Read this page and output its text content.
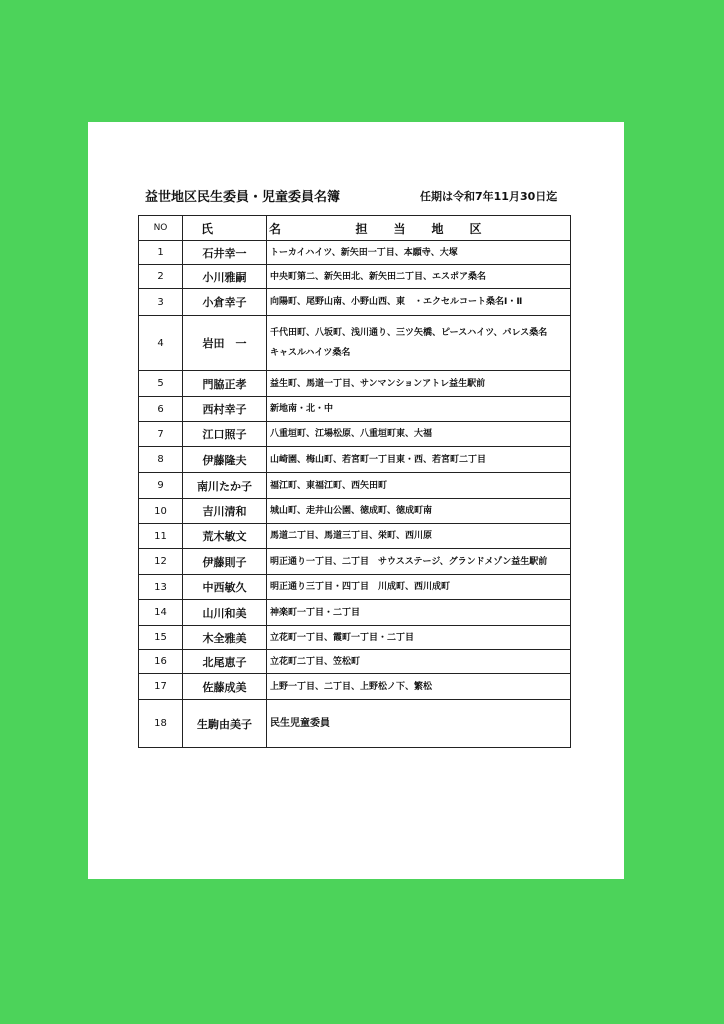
益世地区民生委員・児童委員名簿	任期は令和7年11月30日迄
NO	氏　名	担当地区
1	石井幸一	トーカイハイツ、新矢田一丁目、本願寺、大塚

2	小川雅嗣	中央町第二、新矢田北、新矢田二丁目、エスポア桑名

3	小倉幸子	向陽町、尾野山南、小野山西、東　・エクセルコート桑名Ⅰ・Ⅱ

4	岩田　一	千代田町、八坂町、浅川通り、三ツ矢橋、ピースハイツ、パレス桑名
キャスルハイツ桑名

5	門脇正孝	益生町、馬道一丁目、サンマンションアトレ益生駅前

6	西村幸子	新地南・北・中

7	江口照子	八重垣町、江場松原、八重垣町東、大福

8	伊藤隆夫	山崎園、梅山町、若宮町一丁目東・西、若宮町二丁目

9	南川たか子	福江町、東福江町、西矢田町

10	吉川清和	城山町、走井山公園、徳成町、徳成町南

11	荒木敏文	馬道二丁目、馬道三丁目、栄町、西川原

12	伊藤則子	明正通り一丁目、二丁目　サウスステージ、グランドメゾン益生駅前

13	中西敏久	明正通り三丁目・四丁目　川成町、西川成町

14	山川和美	神楽町一丁目・二丁目

15	木全雅美	立花町一丁目、霞町一丁目・二丁目

16	北尾恵子	立花町二丁目、笠松町

17	佐藤成美	上野一丁目、二丁目、上野松ノ下、繁松

18	生駒由美子	民生児童委員
